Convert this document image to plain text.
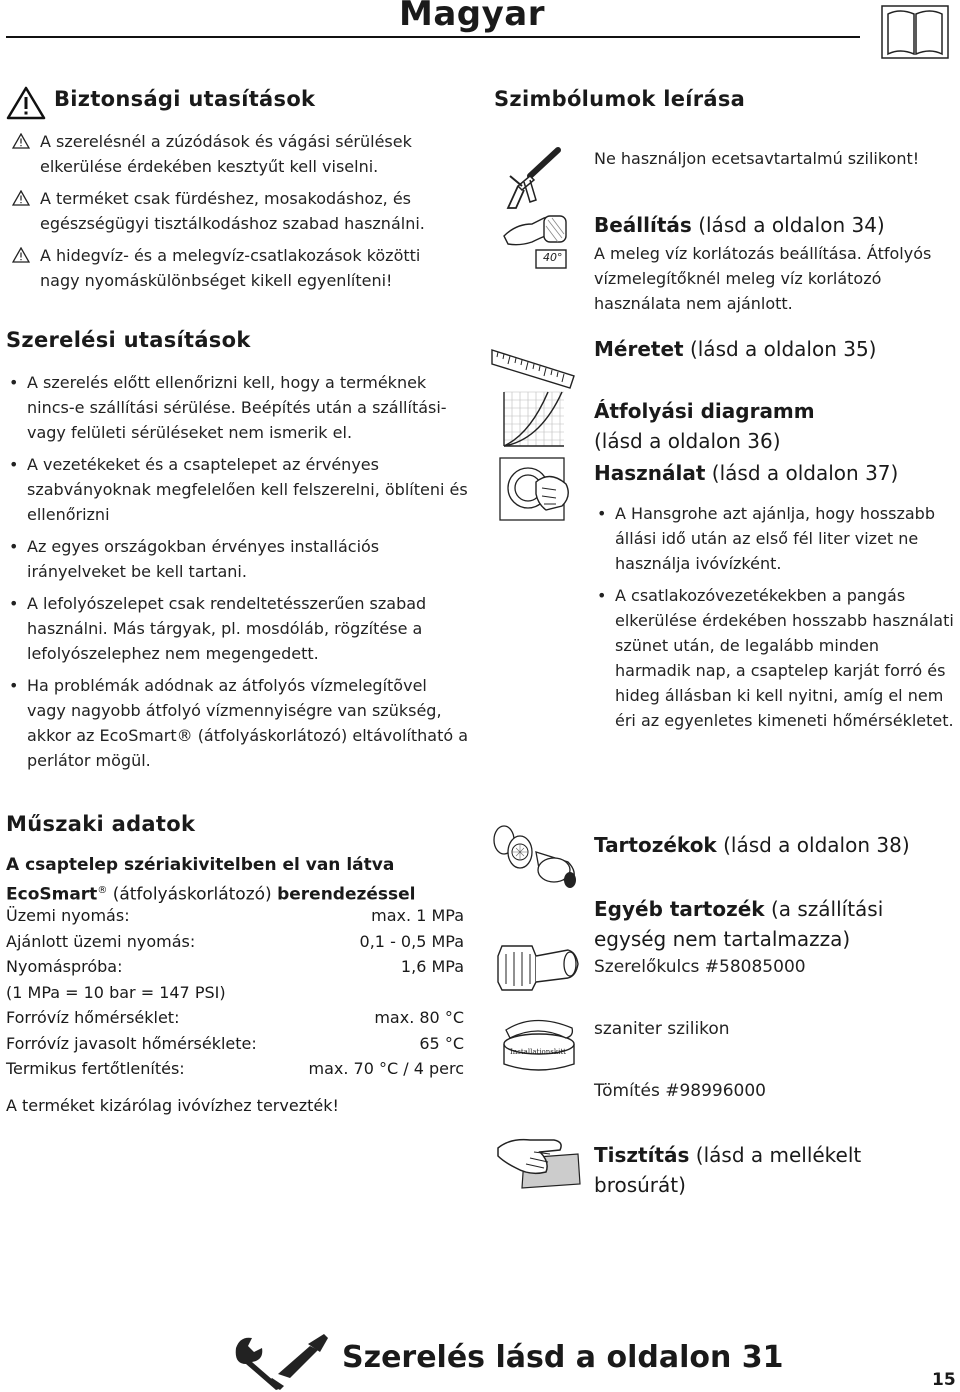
Magyar
Biztonsági utasítások
A szerelésnél a zúzódások és vágási sérülések elkerülése érdekében kesztyűt kell viselni.
A terméket csak fürdéshez, mosakodáshoz, és egészségügyi tisztálkodáshoz szabad használni.
A hidegvíz- és a melegvíz-csatlakozások közötti nagy nyomáskülönbséget kikell egyenlíteni!
Szerelési utasítások
• A szerelés előtt ellenőrizni kell, hogy a terméknek nincs-e szállítási sérülése. Beépítés után a szállítási- vagy felületi sérüléseket nem ismerik el.
• A vezetékeket és a csaptelepet az érvényes szabványoknak megfelelően kell felszerelni, öblíteni és ellenőrizni
• Az egyes országokban érvényes installációs irányelveket be kell tartani.
• A lefolyószelepet csak rendeltetésszerűen szabad használni. Más tárgyak, pl. mosdóláb, rögzítése a lefolyószelephez nem megengedett.
• Ha problémák adódnak az átfolyós vízmelegítõvel vagy nagyobb átfolyó vízmennyiségre van szükség, akkor az EcoSmart® (átfolyáskorlátozó) eltávolítható a perlátor mögül.
Műszaki adatok
A csaptelep szériakivitelben el van látva
EcoSmart® (átfolyáskorlátozó) berendezéssel
Üzemi nyomás:	max. 1 MPa
Ajánlott üzemi nyomás:	0,1 - 0,5 MPa
Nyomáspróba:	1,6 MPa
(1 MPa = 10 bar = 147 PSI)
Forróvíz hőmérséklet:	max. 80 °C
Forróvíz javasolt hőmérséklete:	65 °C
Termikus fertőtlenítés:	max. 70 °C / 4 perc
A terméket kizárólag ivóvízhez tervezték!
Szimbólumok leírása
Ne használjon ecetsavtartalmú szilikont!
40°
Beállítás (lásd a oldalon 34)
A meleg víz korlátozás beállítása. Átfolyós vízmelegítőknél meleg víz korlátozó használata nem ajánlott.
Méretet (lásd a oldalon 35)
Átfolyási diagramm
(lásd a oldalon 36)
Használat (lásd a oldalon 37)
• A Hansgrohe azt ajánlja, hogy hosszabb állási idő után az első fél liter vizet ne használja ivóvízként.
• A csatlakozóvezetékekben a pangás elkerülése érdekében hosszabb használati szünet után, de legalább minden harmadik nap, a csaptelep karját forró és hideg állásban ki kell nyitni, amíg el nem éri az egyenletes kimeneti hőmérsékletet.
Tartozékok (lásd a oldalon 38)
Egyéb tartozék (a szállítási egység nem tartalmazza)
Szerelőkulcs #58085000
Installationskitt
szaniter szilikon
Tömítés #98996000
Tisztítás (lásd a mellékelt brosúrát)
Szerelés lásd a oldalon 31
15
